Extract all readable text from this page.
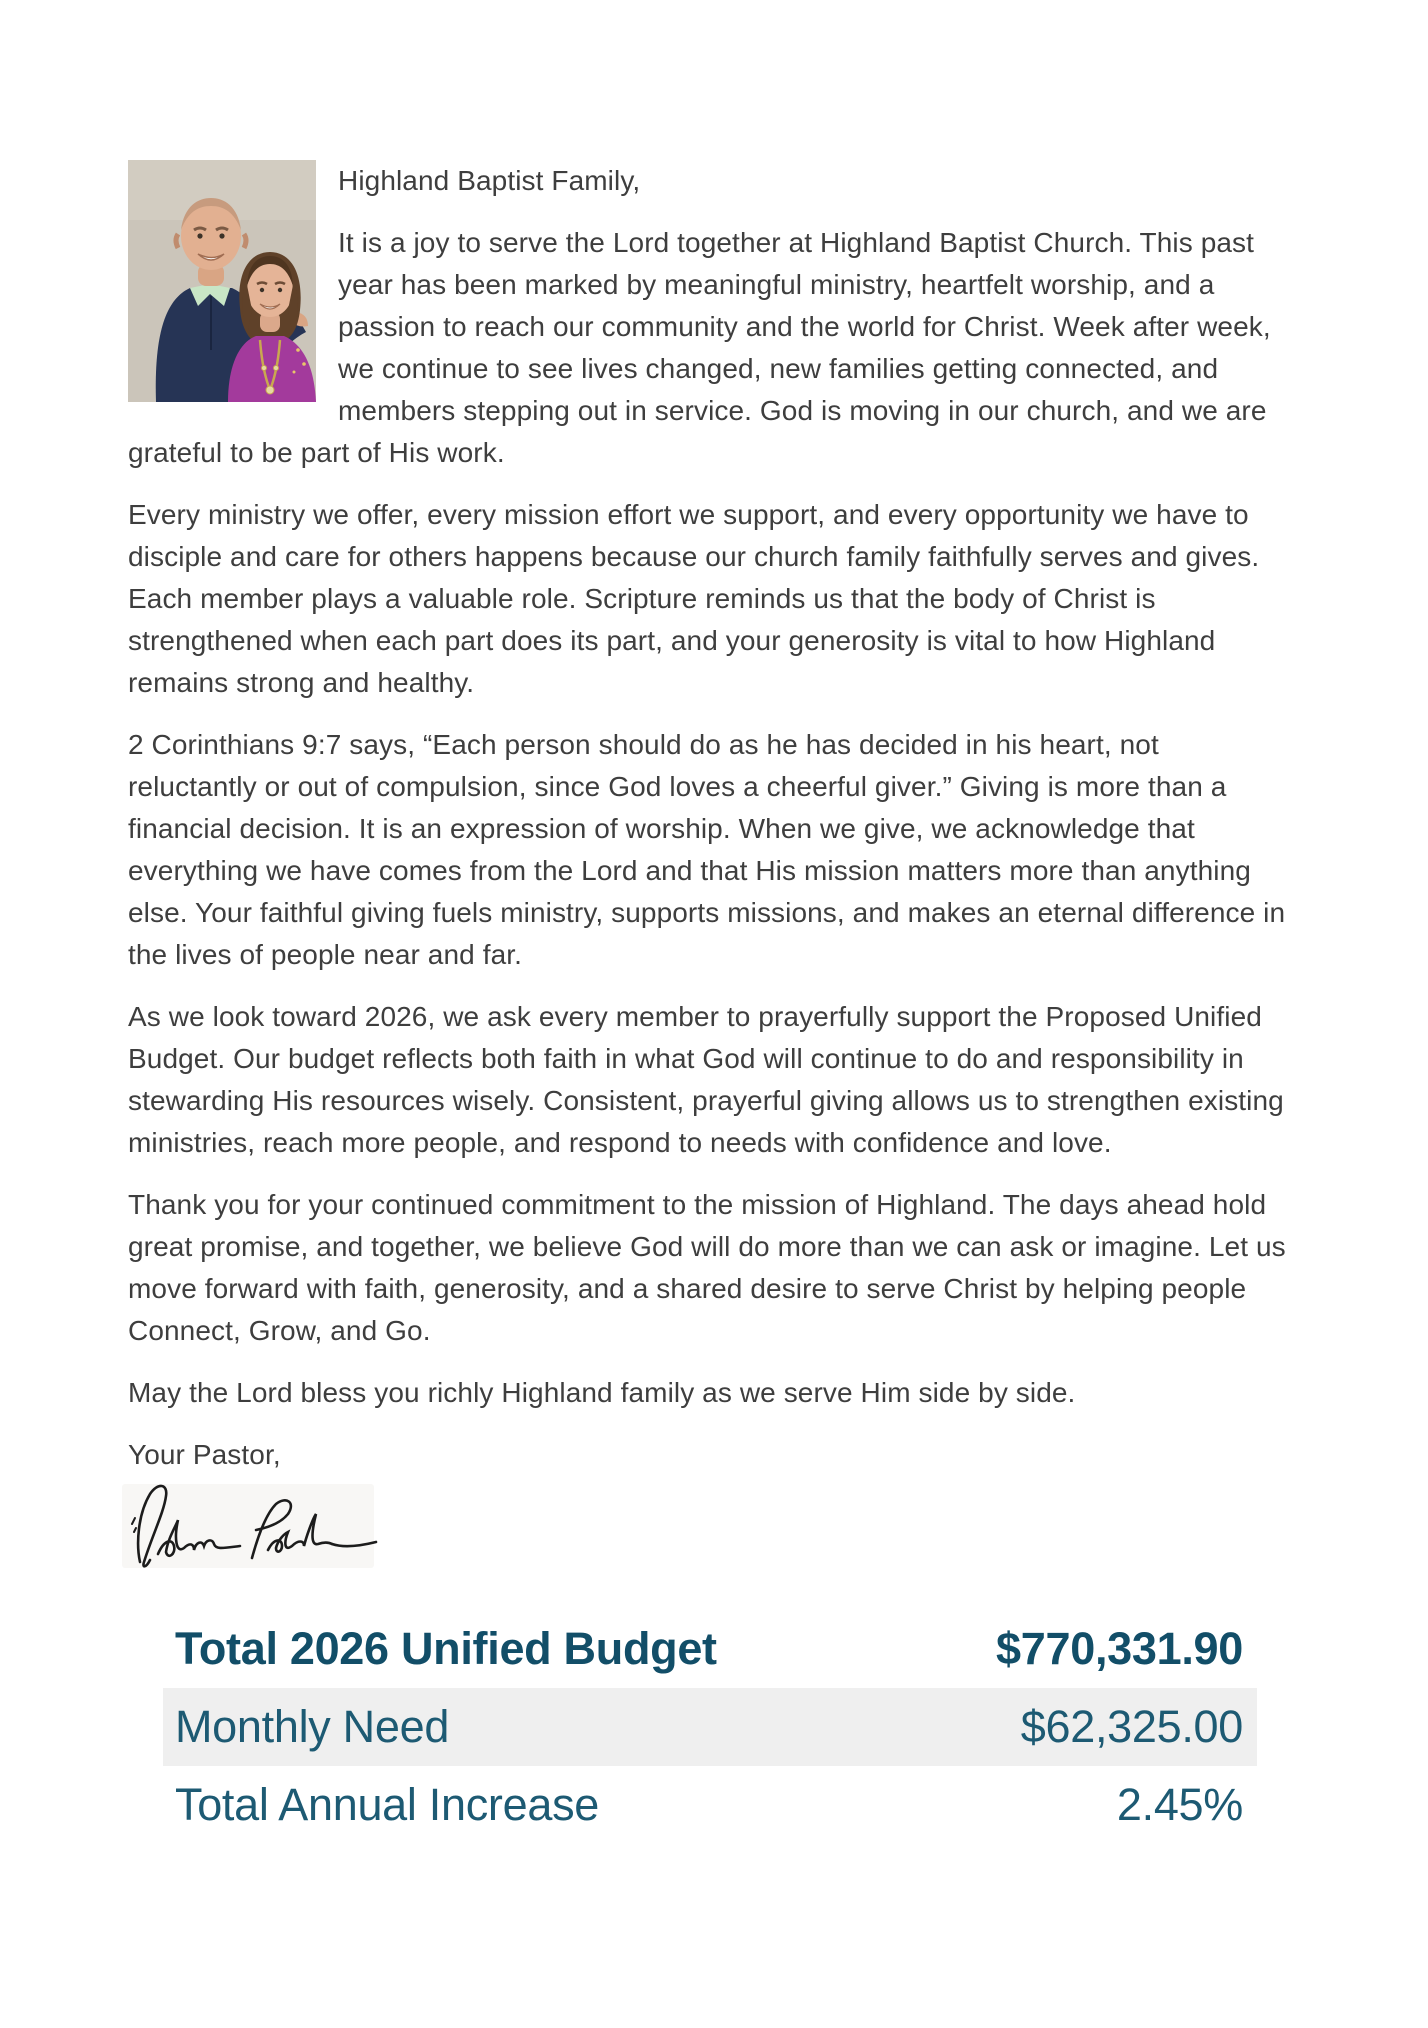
Highland Baptist Family,

It is a joy to serve the Lord together at Highland Baptist Church. This past year has been marked by meaningful ministry, heartfelt worship, and a passion to reach our community and the world for Christ. Week after week, we continue to see lives changed, new families getting connected, and members stepping out in service. God is moving in our church, and we are grateful to be part of His work.

Every ministry we offer, every mission effort we support, and every opportunity we have to disciple and care for others happens because our church family faithfully serves and gives. Each member plays a valuable role. Scripture reminds us that the body of Christ is strengthened when each part does its part, and your generosity is vital to how Highland remains strong and healthy.

2 Corinthians 9:7 says, “Each person should do as he has decided in his heart, not reluctantly or out of compulsion, since God loves a cheerful giver.” Giving is more than a financial decision. It is an expression of worship. When we give, we acknowledge that everything we have comes from the Lord and that His mission matters more than anything else. Your faithful giving fuels ministry, supports missions, and makes an eternal difference in the lives of people near and far.

As we look toward 2026, we ask every member to prayerfully support the Proposed Unified Budget. Our budget reflects both faith in what God will continue to do and responsibility in stewarding His resources wisely. Consistent, prayerful giving allows us to strengthen existing ministries, reach more people, and respond to needs with confidence and love.

Thank you for your continued commitment to the mission of Highland. The days ahead hold great promise, and together, we believe God will do more than we can ask or imagine. Let us move forward with faith, generosity, and a shared desire to serve Christ by helping people Connect, Grow, and Go.

May the Lord bless you richly Highland family as we serve Him side by side.

Your Pastor,

Total 2026 Unified Budget	$770,331.90
Monthly Need	$62,325.00
Total Annual Increase	2.45%
